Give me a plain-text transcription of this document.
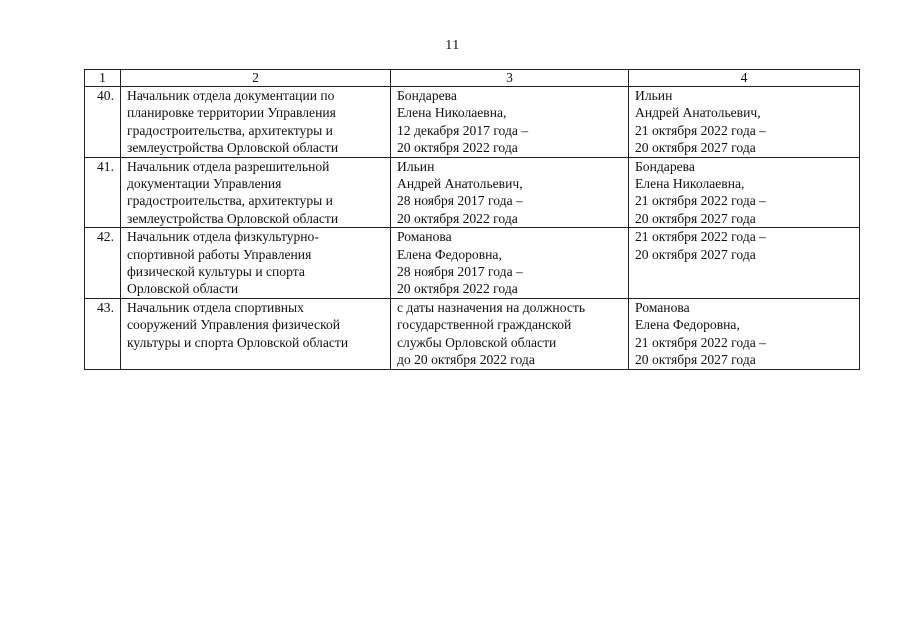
11
1	2	3	4
40.	Начальник отдела документации по
планировке территории Управления
градостроительства, архитектуры и
землеустройства Орловской области	Бондарева
Елена Николаевна,
12 декабря 2017 года –
20 октября 2022 года	Ильин
Андрей Анатольевич,
21 октября 2022 года –
20 октября 2027 года

41.	Начальник отдела разрешительной
документации Управления
градостроительства, архитектуры и
землеустройства Орловской области	Ильин
Андрей Анатольевич,
28 ноября 2017 года –
20 октября 2022 года	Бондарева
Елена Николаевна,
21 октября 2022 года –
20 октября 2027 года

42.	Начальник отдела физкультурно-
спортивной работы Управления
физической культуры и спорта
Орловской области	Романова
Елена Федоровна,
28 ноября 2017 года –
20 октября 2022 года	21 октября 2022 года –
20 октября 2027 года

43.	Начальник отдела спортивных
сооружений Управления физической
культуры и спорта Орловской области	с даты назначения на должность
государственной гражданской
службы Орловской области
до 20 октября 2022 года	Романова
Елена Федоровна,
21 октября 2022 года –
20 октября 2027 года
